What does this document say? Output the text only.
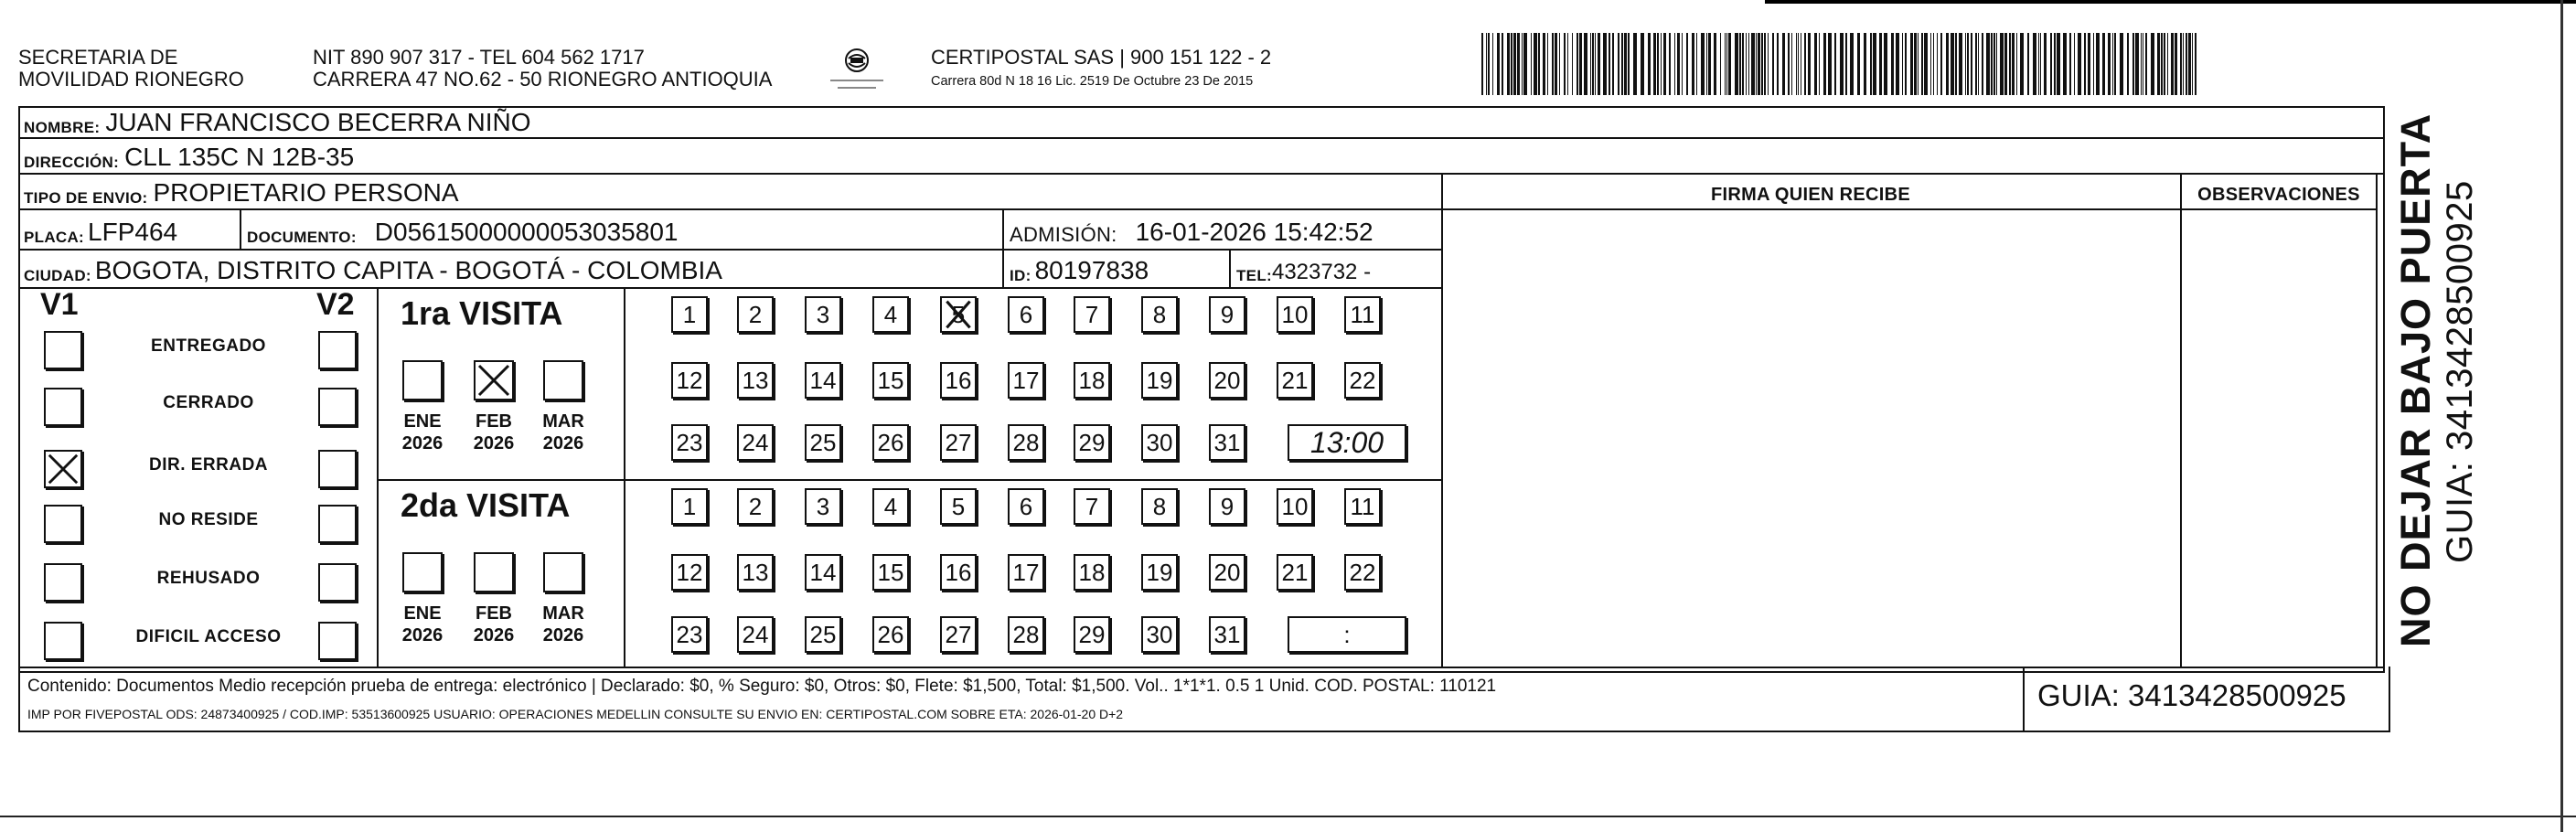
SECRETARIA DE
MOVILIDAD RIONEGRO
NIT 890 907 317 - TEL 604 562 1717
CARRERA 47 NO.62 - 50 RIONEGRO ANTIOQUIA
CERTIPOSTAL SAS | 900 151 122 - 2
Carrera 80d N 18 16 Lic. 2519 De Octubre 23 De 2015
NOMBRE: JUAN FRANCISCO BECERRA NIÑO
DIRECCIÓN: CLL 135C N 12B-35
TIPO DE ENVIO: PROPIETARIO PERSONA	FIRMA QUIEN RECIBE	OBSERVACIONES
PLACA: LFP464	DOCUMENTO: D05615000000053035801	ADMISIÓN: 16-01-2026 15:42:52
CIUDAD: BOGOTA, DISTRITO CAPITA - BOGOTÁ - COLOMBIA	ID: 80197838	TEL: 4323732 -
V1	V2
ENTREGADO
CERRADO
DIR. ERRADA
NO RESIDE
REHUSADO
DIFICIL ACCESO
1ra VISITA
ENE
2026
FEB
2026
MAR
2026
1 2 3 4 5 6 7 8 9 10 11
12 13 14 15 16 17 18 19 20 21 22
23 24 25 26 27 28 29 30 31 13:00
2da VISITA
ENE
2026
FEB
2026
MAR
2026
1 2 3 4 5 6 7 8 9 10 11
12 13 14 15 16 17 18 19 20 21 22
23 24 25 26 27 28 29 30 31	:
Contenido: Documentos Medio recepción prueba de entrega: electrónico | Declarado: $0, % Seguro: $0, Otros: $0, Flete: $1,500, Total: $1,500. Vol.. 1*1*1. 0.5 1 Unid. COD. POSTAL: 110121
IMP POR FIVEPOSTAL ODS: 24873400925 / COD.IMP: 53513600925 USUARIO: OPERACIONES MEDELLIN CONSULTE SU ENVIO EN: CERTIPOSTAL.COM SOBRE ETA: 2026-01-20 D+2
GUIA: 3413428500925
NO DEJAR BAJO PUERTA GUIA: 3413428500925
